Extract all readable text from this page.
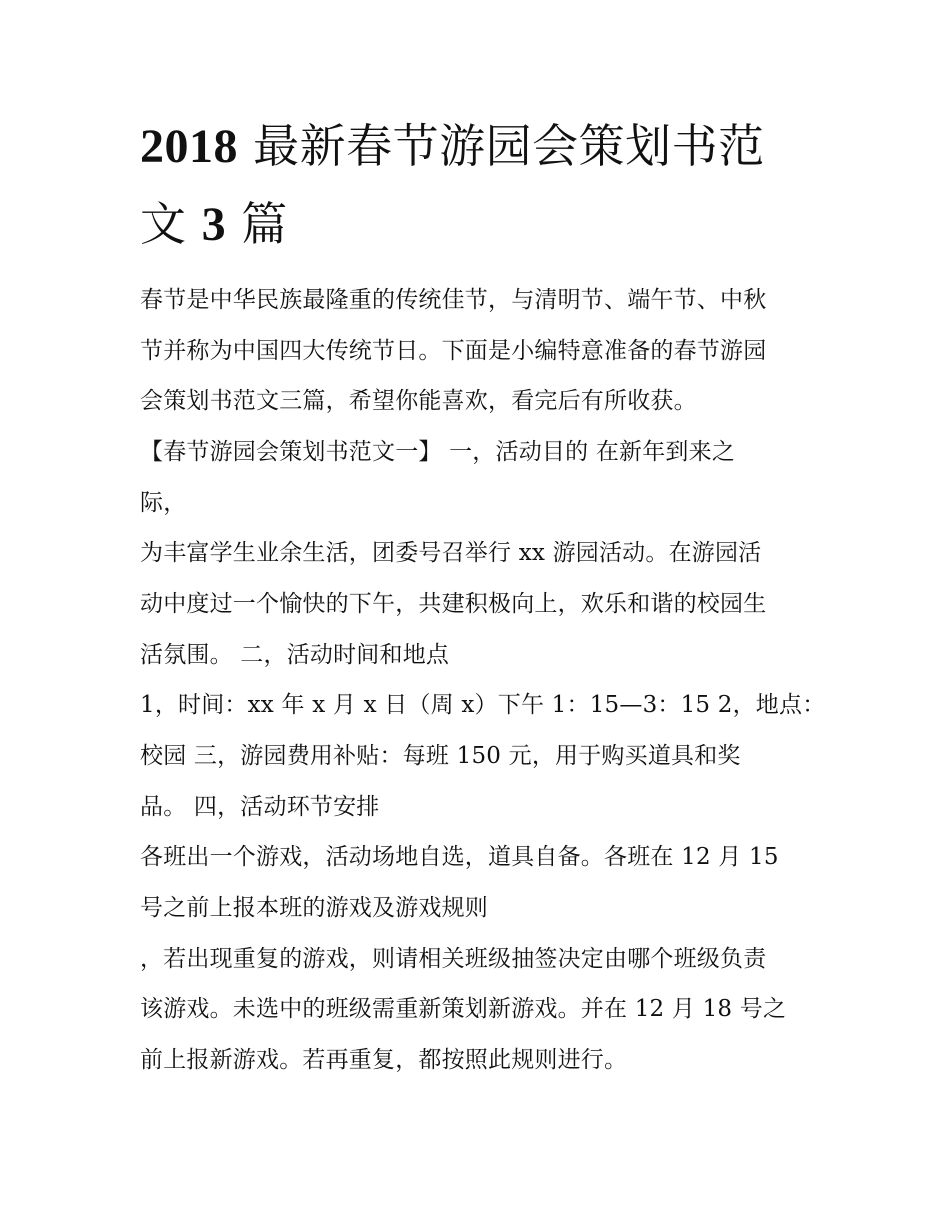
2018 最新春节游园会策划书范
文 3 篇
春节是中华民族最隆重的传统佳节，与清明节、端午节、中秋
节并称为中国四大传统节日。下面是小编特意准备的春节游园
会策划书范文三篇，希望你能喜欢，看完后有所收获。
【春节游园会策划书范文一】 一，活动目的 在新年到来之
际，
为丰富学生业余生活，团委号召举行 xx 游园活动。在游园活
动中度过一个愉快的下午，共建积极向上，欢乐和谐的校园生
活氛围。 二，活动时间和地点
1，时间：xx 年 x 月 x 日（周 x）下午 1：15—3：15 2，地点：
校园 三，游园费用补贴：每班 150 元，用于购买道具和奖
品。 四，活动环节安排
各班出一个游戏，活动场地自选，道具自备。各班在 12 月 15
号之前上报本班的游戏及游戏规则
，若出现重复的游戏，则请相关班级抽签决定由哪个班级负责
该游戏。未选中的班级需重新策划新游戏。并在 12 月 18 号之
前上报新游戏。若再重复，都按照此规则进行。
